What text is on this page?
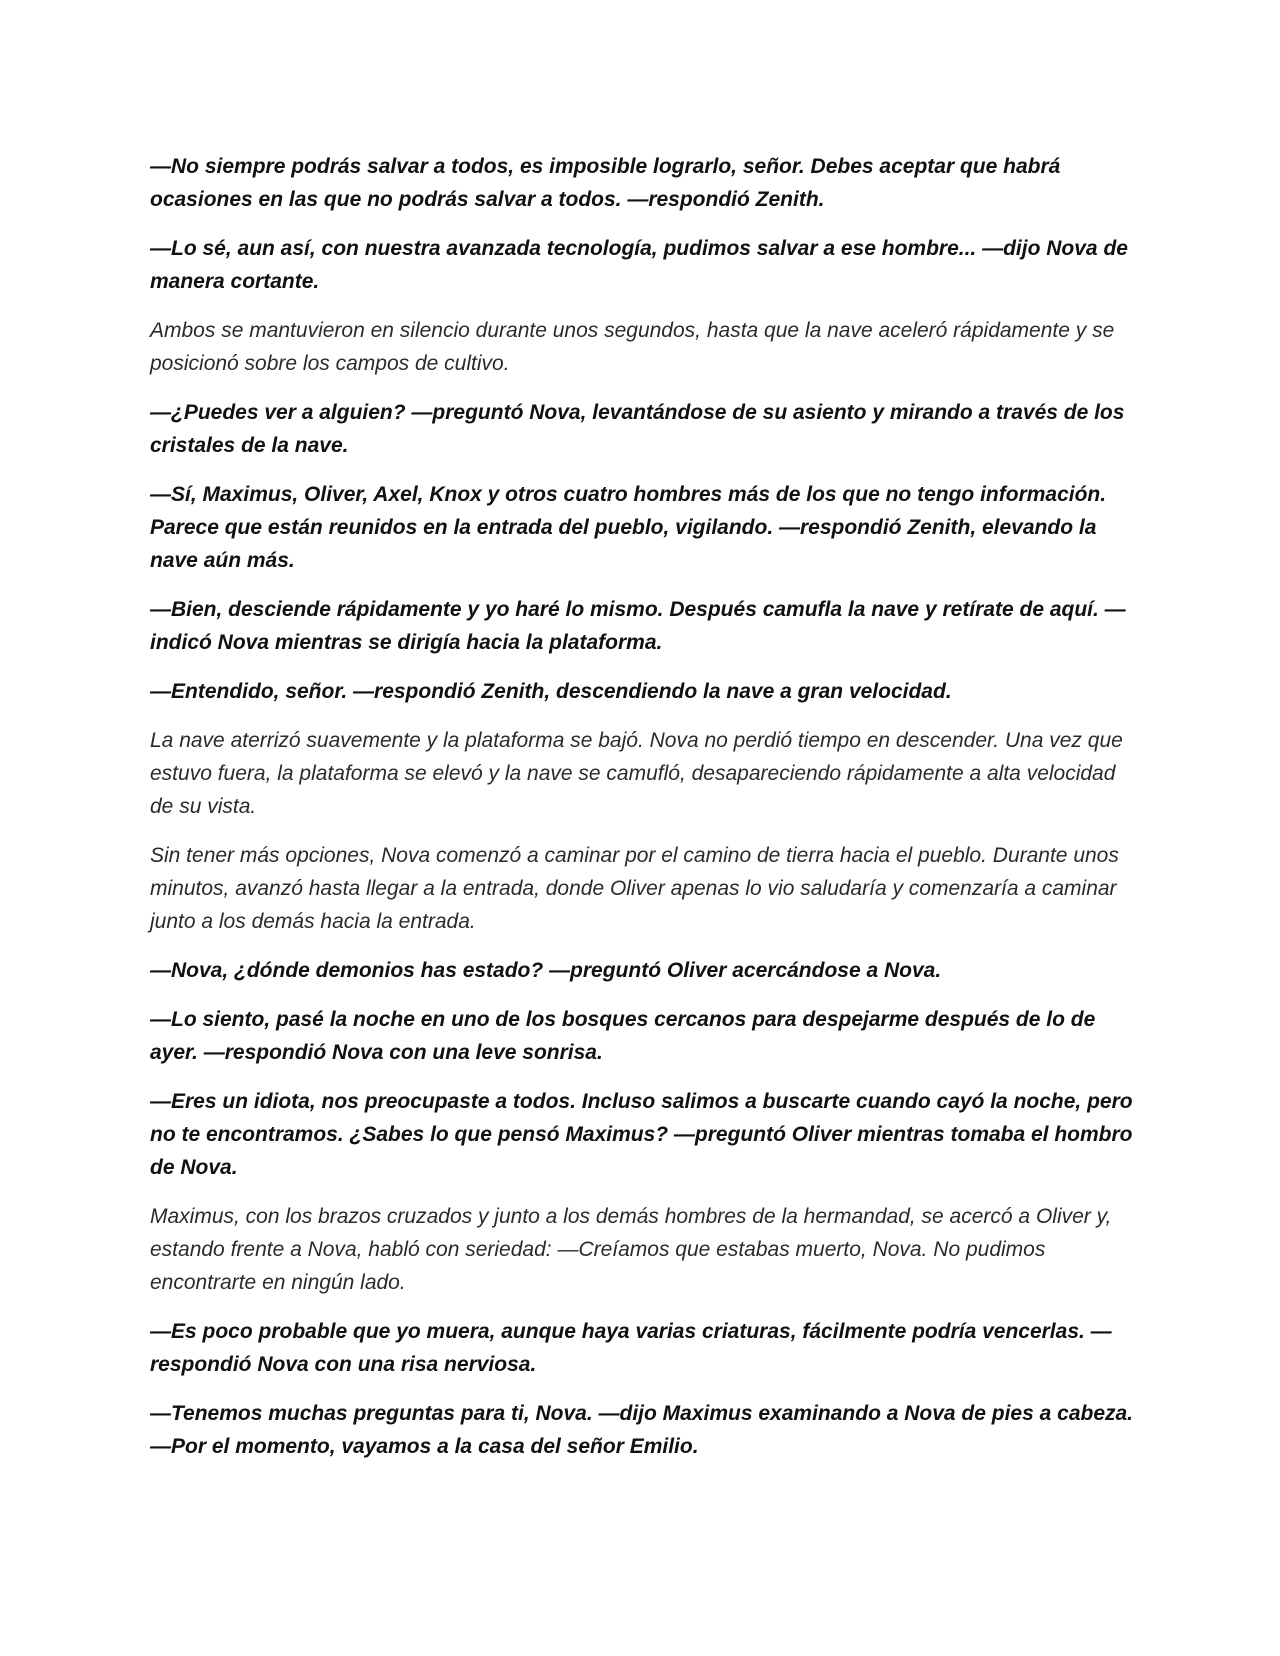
—No siempre podrás salvar a todos, es imposible lograrlo, señor. Debes aceptar que habrá ocasiones en las que no podrás salvar a todos. —respondió Zenith.

—Lo sé, aun así, con nuestra avanzada tecnología, pudimos salvar a ese hombre... —dijo Nova de manera cortante.

Ambos se mantuvieron en silencio durante unos segundos, hasta que la nave aceleró rápidamente y se posicionó sobre los campos de cultivo.

—¿Puedes ver a alguien? —preguntó Nova, levantándose de su asiento y mirando a través de los cristales de la nave.

—Sí, Maximus, Oliver, Axel, Knox y otros cuatro hombres más de los que no tengo información. Parece que están reunidos en la entrada del pueblo, vigilando. —respondió Zenith, elevando la nave aún más.

—Bien, desciende rápidamente y yo haré lo mismo. Después camufla la nave y retírate de aquí. —indicó Nova mientras se dirigía hacia la plataforma.

—Entendido, señor. —respondió Zenith, descendiendo la nave a gran velocidad.

La nave aterrizó suavemente y la plataforma se bajó. Nova no perdió tiempo en descender. Una vez que estuvo fuera, la plataforma se elevó y la nave se camufló, desapareciendo rápidamente a alta velocidad de su vista.

Sin tener más opciones, Nova comenzó a caminar por el camino de tierra hacia el pueblo. Durante unos minutos, avanzó hasta llegar a la entrada, donde Oliver apenas lo vio saludaría y comenzaría a caminar junto a los demás hacia la entrada.

—Nova, ¿dónde demonios has estado? —preguntó Oliver acercándose a Nova.

—Lo siento, pasé la noche en uno de los bosques cercanos para despejarme después de lo de ayer. —respondió Nova con una leve sonrisa.

—Eres un idiota, nos preocupaste a todos. Incluso salimos a buscarte cuando cayó la noche, pero no te encontramos. ¿Sabes lo que pensó Maximus? —preguntó Oliver mientras tomaba el hombro de Nova.

Maximus, con los brazos cruzados y junto a los demás hombres de la hermandad, se acercó a Oliver y, estando frente a Nova, habló con seriedad: —Creíamos que estabas muerto, Nova. No pudimos encontrarte en ningún lado.

—Es poco probable que yo muera, aunque haya varias criaturas, fácilmente podría vencerlas. —respondió Nova con una risa nerviosa.

—Tenemos muchas preguntas para ti, Nova. —dijo Maximus examinando a Nova de pies a cabeza. —Por el momento, vayamos a la casa del señor Emilio.
